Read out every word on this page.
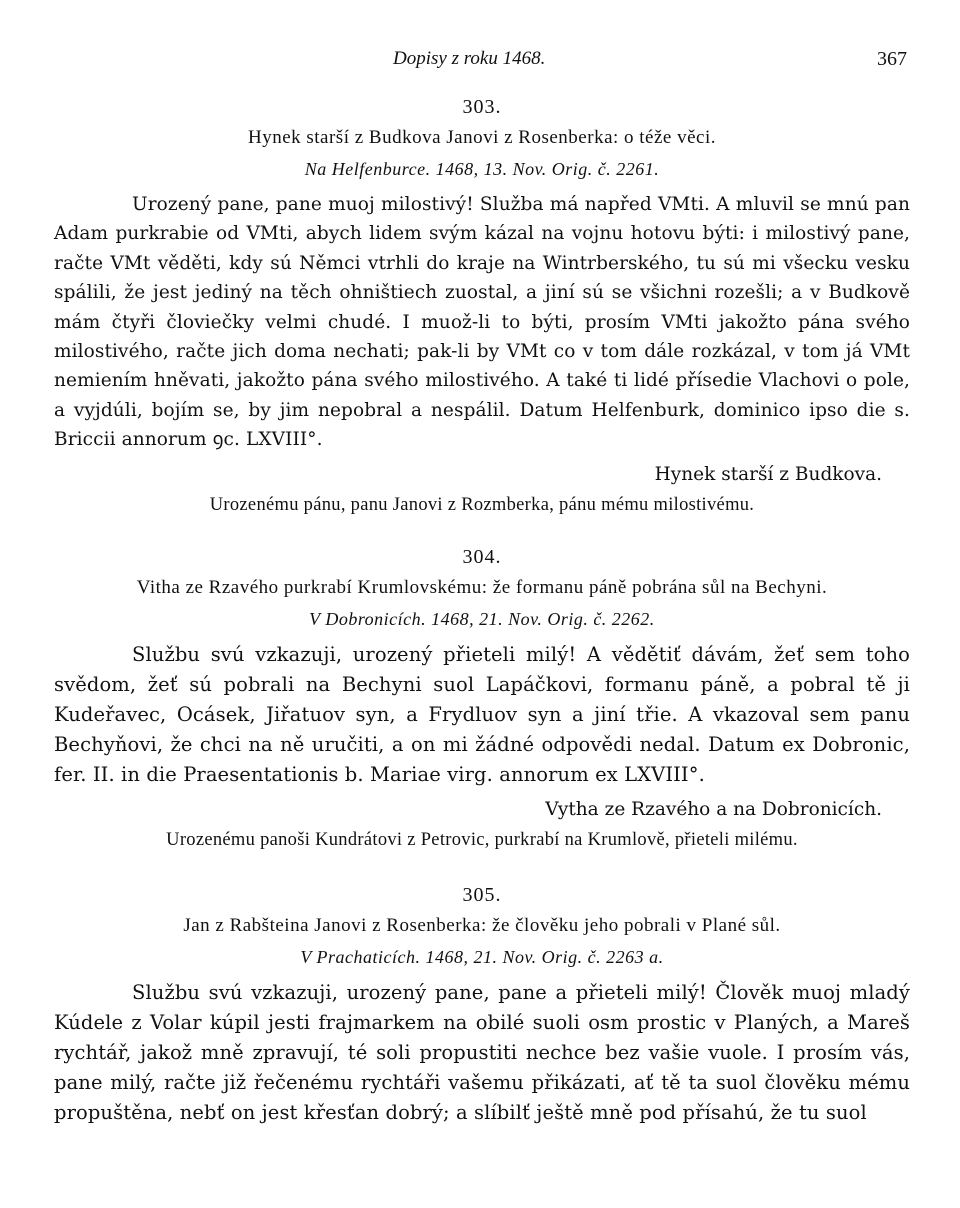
Dopisy z roku 1468.	367

303.

Hynek starší z Budkova Janovi z Rosenberka: o téže věci.

Na Helfenburce. 1468, 13. Nov. Orig. č. 2261.

Urozený pane, pane muoj milostivý! Služba má napřed VMti. A mluvil se mnú pan Adam purkrabie od VMti, abych lidem svým kázal na vojnu hotovu býti: i milostivý pane, račte VMt věděti, kdy sú Němci vtrhli do kraje na Wintrberského, tu sú mi všecku vesku spálili, že jest jediný na těch ohništiech zuostal, a jiní sú se všichni rozešli; a v Budkově mám čtyři človiečky velmi chudé. I muož-li to býti, prosím VMti jakožto pána svého milostivého, račte jich doma nechati; pak-li by VMt co v tom dále rozkázal, v tom já VMt nemiením hněvati, jakožto pána svého milostivého. A také ti lidé přísedie Vlachovi o pole, a vyjdúli, bojím se, by jim nepobral a nespálil. Datum Helfenburk, dominico ipso die s. Briccii annorum ꝯc. LXVIII°.

Hynek starší z Budkova.

Urozenému pánu, panu Janovi z Rozmberka, pánu mému milostivému.

304.

Vitha ze Rzavého purkrabí Krumlovskému: že formanu páně pobrána sůl na Bechyni.

V Dobronicích. 1468, 21. Nov. Orig. č. 2262.

Službu svú vzkazuji, urozený přieteli milý! A vědětiť dávám, žeť sem toho svědom, žeť sú pobrali na Bechyni suol Lapáčkovi, formanu páně, a pobral tě ji Kudeřavec, Ocásek, Jiřatuov syn, a Frydluov syn a jiní třie. A vkazoval sem panu Bechyňovi, že chci na ně uručiti, a on mi žádné odpovědi nedal. Datum ex Dobronic, fer. II. in die Praesentationis b. Mariae virg. annorum ex LXVIII°.

Vytha ze Rzavého a na Dobronicích.

Urozenému panoši Kundrátovi z Petrovic, purkrabí na Krumlově, přieteli milému.

305.

Jan z Rabšteina Janovi z Rosenberka: že člověku jeho pobrali v Plané sůl.

V Prachaticích. 1468, 21. Nov. Orig. č. 2263 a.

Službu svú vzkazuji, urozený pane, pane a přieteli milý! Člověk muoj mladý Kúdele z Volar kúpil jesti frajmarkem na obilé suoli osm prostic v Planých, a Mareš rychtář, jakož mně zpravují, té soli propustiti nechce bez vašie vuole. I prosím vás, pane milý, račte již řečenému rychtáři vašemu přikázati, ať tě ta suol člověku mému propuštěna, nebť on jest křesťan dobrý; a slíbilť ještě mně pod přísahú, že tu suol
